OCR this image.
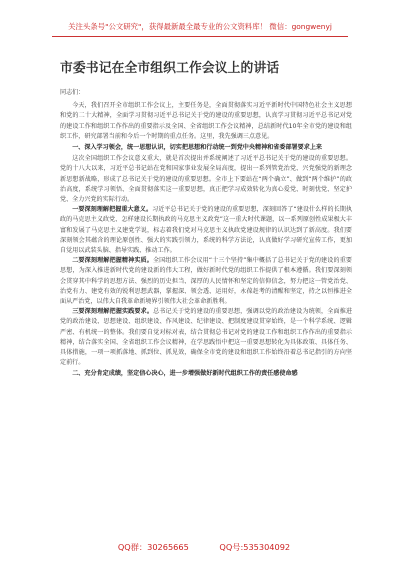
关注头条号"公文研究"，获得最新最全最专业的公文资料库！ 微信：gongwenyj
市委书记在全市组织工作会议上的讲话

同志们：

今天，我们召开全市组织工作会议上，主要任务是，全面贯彻落实习近平新时代中国特色社会主义思想和党的二十大精神，全面学习贯彻习近平总书记关于党的建设的重要思想，认真学习贯彻习近平总书记对党的建设工作和组织工作作出的重要指示及全国、全省组织工作会议精神，总结新时代10年全市党的建设和组织工作，研究部署当前和今后一个时期的重点任务。这里，我先强调三点意见。

一、深入学习领会，统一思想认识，切实把思想和行动统一到党中央精神和省委部署要求上来

这次全国组织工作会议意义重大，就是首次提出并系统阐述了习近平总书记关于党的建设的重要思想。党的十八大以来，习近平总书记站在党和国家事业发展全局高度，提出一系列管党治党、兴党强党的新理念新思想新战略，形成了总书记关于党的建设的重要思想。全市上下要站在“两个确立”、做到“两个维护”的政治高度，系统学习领悟、全面贯彻落实这一重要思想，真正把学习成效转化为真心爱党、时刻忧党、坚定护党、全力兴党的实际行动。

一要深刻理解把握重大意义。习近平总书记关于党的建设的重要思想，深刻回答了“建设什么样的长期执政的马克思主义政党、怎样建设长期执政的马克思主义政党”这一重大时代课题，以一系列原创性成果极大丰富和发展了马克思主义建党学说，标志着我们党对马克思主义执政党建设规律的认识达到了新高度。我们要深刻领会其蕴含的理论原创性、强大的实践引领力，系统的科学方法论，认真做好学习研究宣传工作，更加自觉用以武装头脑、指导实践、推动工作。

二要深刻理解把握精神实质。全国组织工作会议用“十三个坚持”集中概括了总书记关于党的建设的重要思想，为深入推进新时代党的建设新的伟大工程，做好新时代党的组织工作提供了根本遵循。我们要深刻领会贯穿其中科学的思想方法、强烈的历史担当、深厚的人民情怀和坚定的信仰信念，努力把这一管党治党、治党有力、建党有效的锐利思想武器，掌握深、领会透、运用好，永葆赶考的清醒和坚定，持之以恒推进全面从严治党，以伟大自我革命新境界引领伟大社会革命新胜利。

三要深刻理解把握实践要求。总书记关于党的建设的重要思想，强调以党的政治建设为统领，全面推进党的政治建设、思想建设、组织建设、作风建设、纪律建设、把制度建设贯穿始终，是一个科学系统、逻辑严密、有机统一的整体。我们要自觉对标对表，结合贯彻总书记对党的建设工作和组织工作作出的重要指示精神，结合落实全国、全省组织工作会议精神，在学思践悟中把这一重要思想转化为具体政策、具体任务、具体措施，一项一项抓落地、抓到位、抓见效，确保全市党的建设和组织工作始终沿着总书记指引的方向坚定前行。

二、充分肯定成绩，坚定信心决心，进一步增强做好新时代组织工作的责任感使命感

QQ群：30265665	QQ号:535304092
